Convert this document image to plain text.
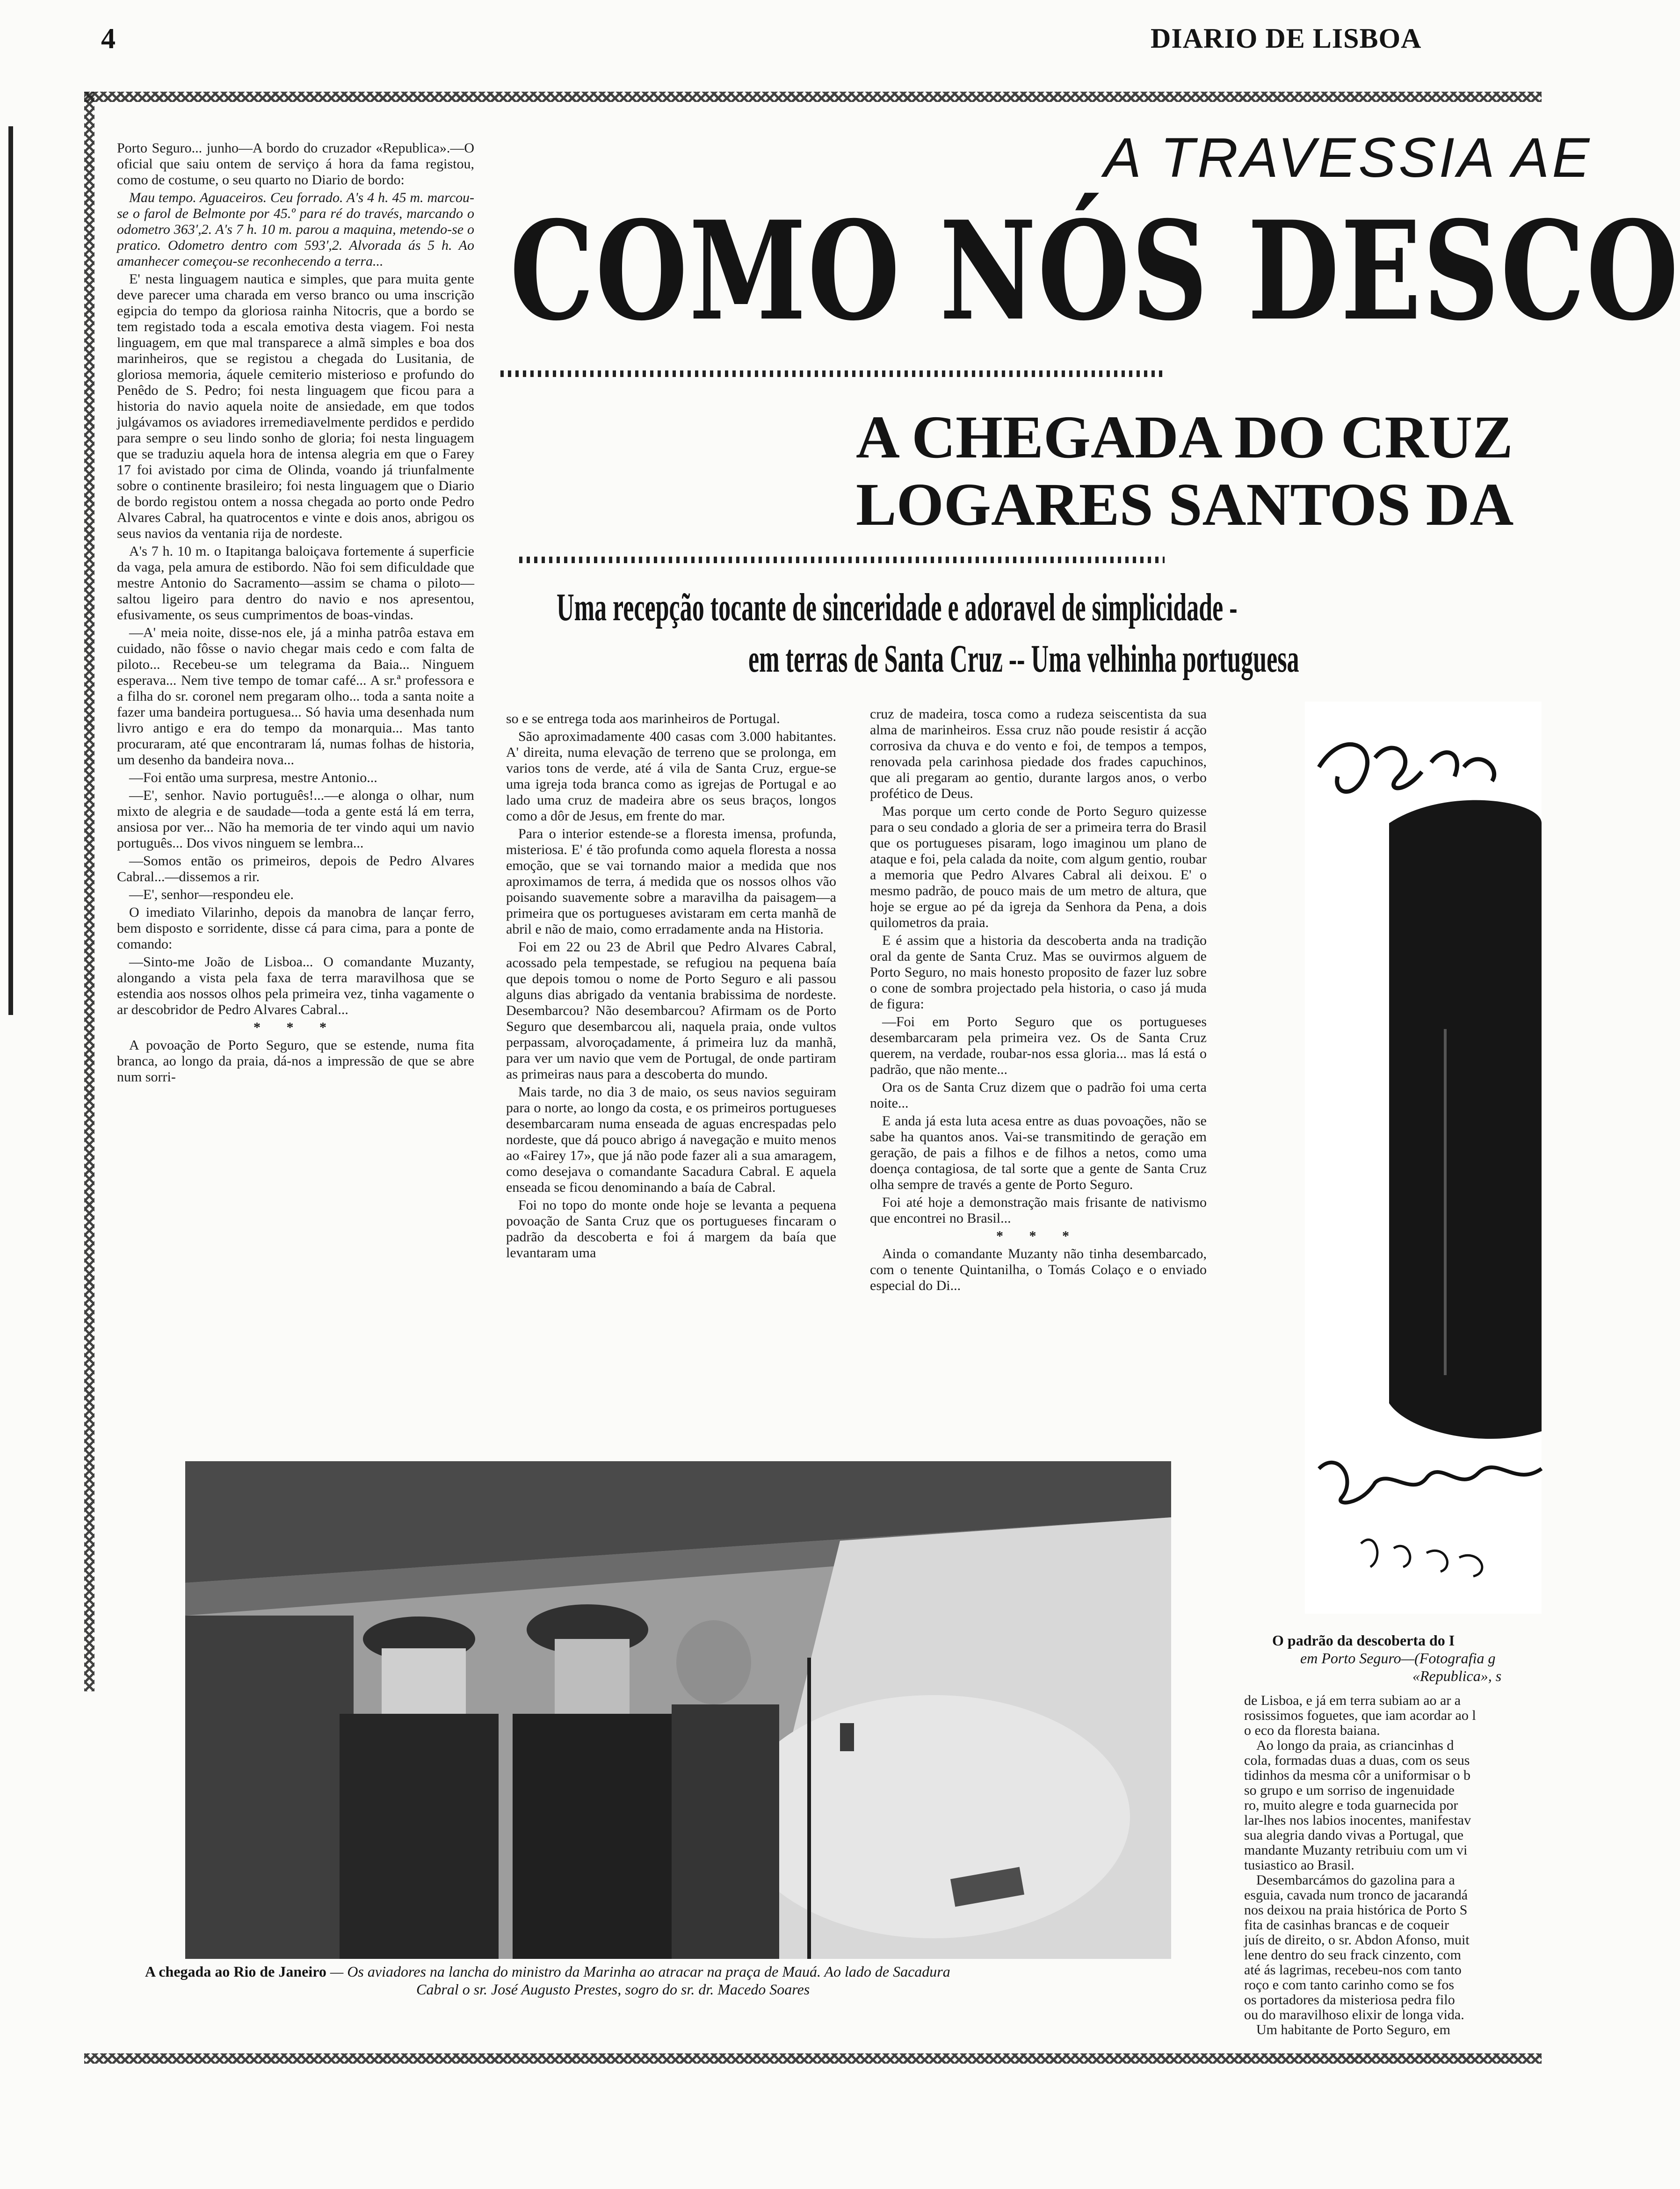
4	DIARIO DE LISBOA
A TRAVESSIA AE
COMO NÓS DESCO
A CHEGADA DO CRUZ
LOGARES SANTOS DA
Uma recepção tocante de sinceridade e adoravel de simplicidade -
em terras de Santa Cruz -- Uma velhinha portuguesa

Porto Seguro... junho—A bordo do cruzador «Republica».—O oficial que saiu ontem de serviço á hora da fama registou, como de costume, o seu quarto no Diario de bordo:

Mau tempo. Aguaceiros. Ceu forrado. A's 4 h. 45 m. marcou-se o farol de Belmonte por 45.º para ré do través, marcando o odometro 363',2. A's 7 h. 10 m. parou a maquina, metendo-se o pratico. Odometro dentro com 593',2. Alvorada ás 5 h. Ao amanhecer começou-se reconhecendo a terra...

E' nesta linguagem nautica e simples, que para muita gente deve parecer uma charada em verso branco ou uma inscrição egipcia do tempo da gloriosa rainha Nitocris, que a bordo se tem registado toda a escala emotiva desta viagem. Foi nesta linguagem, em que mal transparece a almã simples e boa dos marinheiros, que se registou a chegada do Lusitania, de gloriosa memoria, áquele cemiterio misterioso e profundo do Penêdo de S. Pedro; foi nesta linguagem que ficou para a historia do navio aquela noite de ansiedade, em que todos julgávamos os aviadores irremediavelmente perdidos e perdido para sempre o seu lindo sonho de gloria; foi nesta linguagem que se traduziu aquela hora de intensa alegria em que o Farey 17 foi avistado por cima de Olinda, voando já triunfalmente sobre o continente brasileiro; foi nesta linguagem que o Diario de bordo registou ontem a nossa chegada ao porto onde Pedro Alvares Cabral, ha quatrocentos e vinte e dois anos, abrigou os seus navios da ventania rija de nordeste.

A's 7 h. 10 m. o Itapitanga baloiçava fortemente á superficie da vaga, pela amura de estibordo. Não foi sem dificuldade que mestre Antonio do Sacramento—assim se chama o piloto—saltou ligeiro para dentro do navio e nos apresentou, efusivamente, os seus cumprimentos de boas-vindas.

—A' meia noite, disse-nos ele, já a minha patrôa estava em cuidado, não fôsse o navio chegar mais cedo e com falta de piloto... Recebeu-se um telegrama da Baia... Ninguem esperava... Nem tive tempo de tomar café... A sr.ª professora e a filha do sr. coronel nem pregaram olho... toda a santa noite a fazer uma bandeira portuguesa... Só havia uma desenhada num livro antigo e era do tempo da monarquia... Mas tanto procuraram, até que encontraram lá, numas folhas de historia, um desenho da bandeira nova...

—Foi então uma surpresa, mestre Antonio...

—E', senhor. Navio português!...—e alonga o olhar, num mixto de alegria e de saudade—toda a gente está lá em terra, ansiosa por ver... Não ha memoria de ter vindo aqui um navio português... Dos vivos ninguem se lembra...

—Somos então os primeiros, depois de Pedro Alvares Cabral...—dissemos a rir.

—E', senhor—respondeu ele.

O imediato Vilarinho, depois da manobra de lançar ferro, bem disposto e sorridente, disse cá para cima, para a ponte de comando:

—Sinto-me João de Lisboa... O comandante Muzanty, alongando a vista pela faxa de terra maravilhosa que se estendia aos nossos olhos pela primeira vez, tinha vagamente o ar descobridor de Pedro Alvares Cabral...

* * *

A povoação de Porto Seguro, que se estende, numa fita branca, ao longo da praia, dá-nos a impressão de que se abre num sorri-

so e se entrega toda aos marinheiros de Portugal.

São aproximadamente 400 casas com 3.000 habitantes. A' direita, numa elevação de terreno que se prolonga, em varios tons de verde, até á vila de Santa Cruz, ergue-se uma igreja toda branca como as igrejas de Portugal e ao lado uma cruz de madeira abre os seus braços, longos como a dôr de Jesus, em frente do mar.

Para o interior estende-se a floresta imensa, profunda, misteriosa. E' é tão profunda como aquela floresta a nossa emoção, que se vai tornando maior a medida que nos aproximamos de terra, á medida que os nossos olhos vão poisando suavemente sobre a maravilha da paisagem—a primeira que os portugueses avistaram em certa manhã de abril e não de maio, como erradamente anda na Historia.

Foi em 22 ou 23 de Abril que Pedro Alvares Cabral, acossado pela tempestade, se refugiou na pequena baía que depois tomou o nome de Porto Seguro e ali passou alguns dias abrigado da ventania brabissima de nordeste. Desembarcou? Não desembarcou? Afirmam os de Porto Seguro que desembarcou ali, naquela praia, onde vultos perpassam, alvoroçadamente, á primeira luz da manhã, para ver um navio que vem de Portugal, de onde partiram as primeiras naus para a descoberta do mundo.

Mais tarde, no dia 3 de maio, os seus navios seguiram para o norte, ao longo da costa, e os primeiros portugueses desembarcaram numa enseada de aguas encrespadas pelo nordeste, que dá pouco abrigo á navegação e muito menos ao «Fairey 17», que já não pode fazer ali a sua amaragem, como desejava o comandante Sacadura Cabral. E aquela enseada se ficou denominando a baía de Cabral.

Foi no topo do monte onde hoje se levanta a pequena povoação de Santa Cruz que os portugueses fincaram o padrão da descoberta e foi á margem da baía que levantaram uma

cruz de madeira, tosca como a rudeza seiscentista da sua alma de marinheiros. Essa cruz não poude resistir á acção corrosiva da chuva e do vento e foi, de tempos a tempos, renovada pela carinhosa piedade dos frades capuchinos, que ali pregaram ao gentio, durante largos anos, o verbo profético de Deus.

Mas porque um certo conde de Porto Seguro quizesse para o seu condado a gloria de ser a primeira terra do Brasil que os portugueses pisaram, logo imaginou um plano de ataque e foi, pela calada da noite, com algum gentio, roubar a memoria que Pedro Alvares Cabral ali deixou. E' o mesmo padrão, de pouco mais de um metro de altura, que hoje se ergue ao pé da igreja da Senhora da Pena, a dois quilometros da praia.

E é assim que a historia da descoberta anda na tradição oral da gente de Santa Cruz. Mas se ouvirmos alguem de Porto Seguro, no mais honesto proposito de fazer luz sobre o cone de sombra projectado pela historia, o caso já muda de figura:

—Foi em Porto Seguro que os portugueses desembarcaram pela primeira vez. Os de Santa Cruz querem, na verdade, roubar-nos essa gloria... mas lá está o padrão, que não mente...

Ora os de Santa Cruz dizem que o padrão foi uma certa noite...

E anda já esta luta acesa entre as duas povoações, não se sabe ha quantos anos. Vai-se transmitindo de geração em geração, de pais a filhos e de filhos a netos, como uma doença contagiosa, de tal sorte que a gente de Santa Cruz olha sempre de través a gente de Porto Seguro.

Foi até hoje a demonstração mais frisante de nativismo que encontrei no Brasil...

* * *

Ainda o comandante Muzanty não tinha desembarcado, com o tenente Quintanilha, o Tomás Colaço e o enviado especial do Di...

A chegada ao Rio de Janeiro — Os aviadores na lancha do ministro da Marinha ao atracar na praça de Mauá. Ao lado de Sacadura
Cabral o sr. José Augusto Prestes, sogro do sr. dr. Macedo Soares
O padrão da descoberta do I
em Porto Seguro—(Fotografia g
«Republica», s
de Lisboa, e já em terra subiam ao ar a
rosissimos foguetes, que iam acordar ao l
o eco da floresta baiana.
Ao longo da praia, as criancinhas d
cola, formadas duas a duas, com os seus
tidinhos da mesma côr a uniformisar o b
so grupo e um sorriso de ingenuidade
ro, muito alegre e toda guarnecida por
lar-lhes nos labios inocentes, manifestav
sua alegria dando vivas a Portugal, que
mandante Muzanty retribuiu com um vi
tusiastico ao Brasil.
Desembarcámos do gazolina para a
esguia, cavada num tronco de jacarandá
nos deixou na praia histórica de Porto S
fita de casinhas brancas e de coqueir
juís de direito, o sr. Abdon Afonso, muit
lene dentro do seu frack cinzento, com
até ás lagrimas, recebeu-nos com tanto
roço e com tanto carinho como se fos
os portadores da misteriosa pedra filo
ou do maravilhoso elixir de longa vida.
Um habitante de Porto Seguro, em
